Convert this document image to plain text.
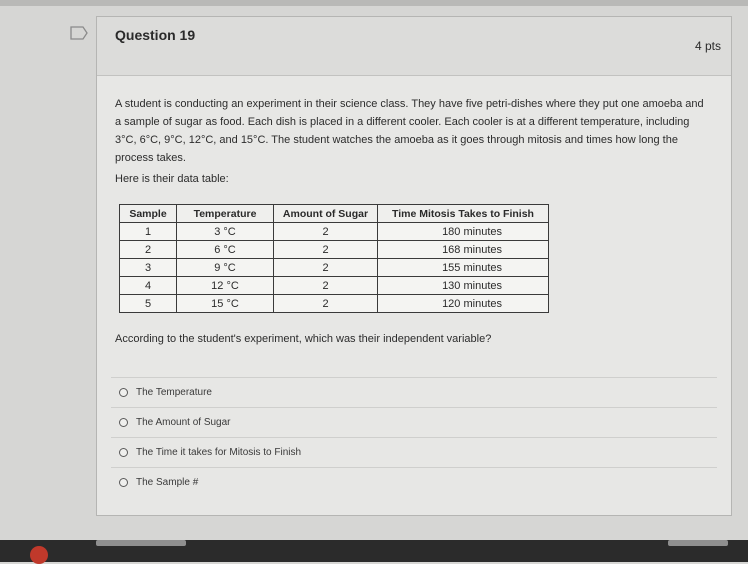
Question 19
4 pts
A student is conducting an experiment in their science class. They have five petri-dishes where they put one amoeba and a sample of sugar as food. Each dish is placed in a different cooler. Each cooler is at a different temperature, including 3°C, 6°C, 9°C, 12°C, and 15°C. The student watches the amoeba as it goes through mitosis and times how long the process takes.
Here is their data table:
Sample	Temperature	Amount of Sugar	Time Mitosis Takes to Finish
1	3 °C	2	180 minutes
2	6 °C	2	168 minutes
3	9 °C	2	155 minutes
4	12 °C	2	130 minutes
5	15 °C	2	120 minutes
According to the student's experiment, which was their independent variable?
The Temperature
The Amount of Sugar
The Time it takes for Mitosis to Finish
The Sample #
